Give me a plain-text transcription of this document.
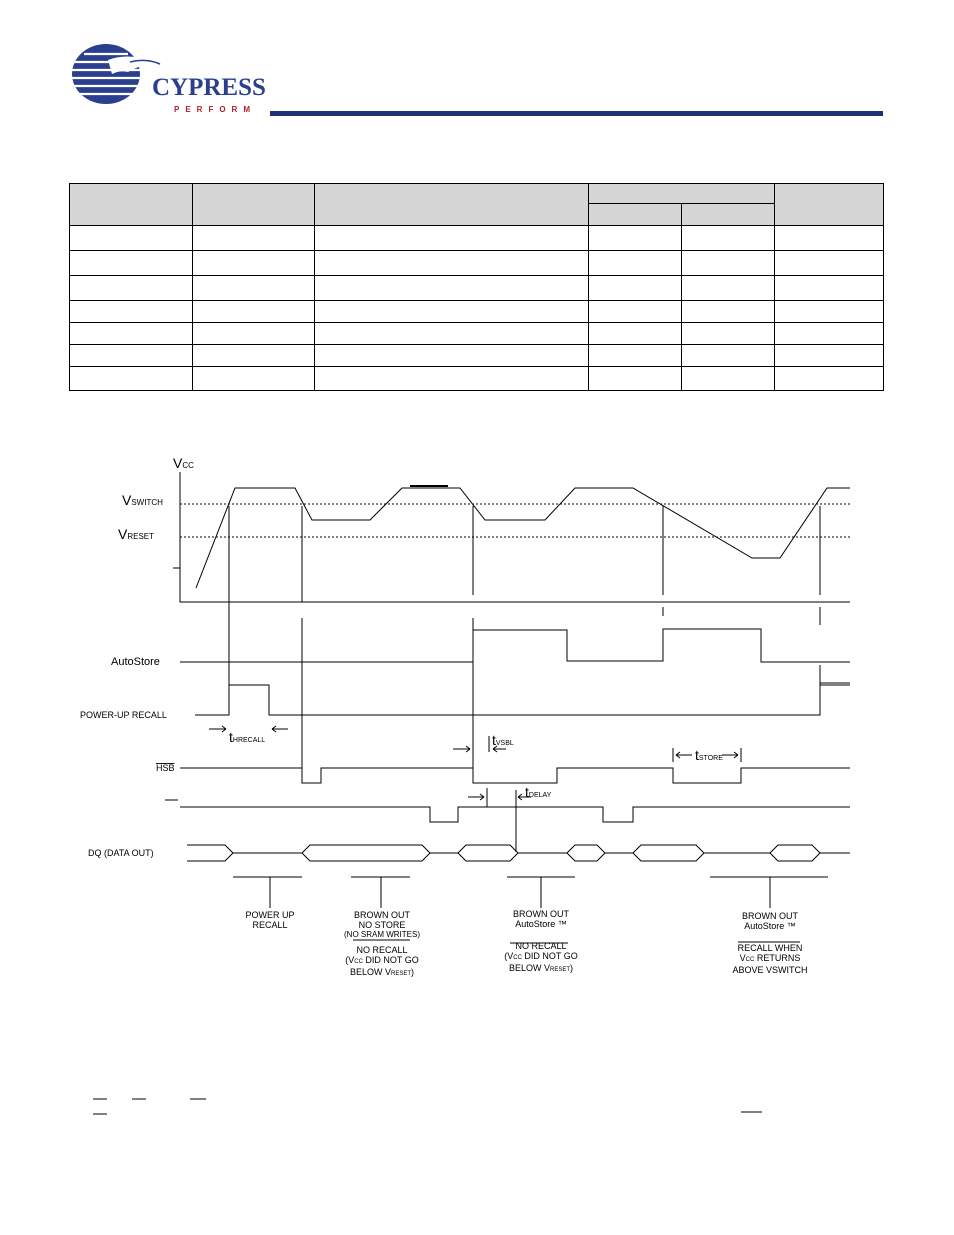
CYPRESS
PERFORM

VCC
VSWITCH
VRESET
AutoStore
POWER-UP RECALL
HSB
DQ (DATA OUT)
tHRECALL	tVSBL
tSTORE
tDELAY
POWER UP
RECALL
BROWN OUT
NO STORE
(NO SRAM WRITES)
NO RECALL
(VCC DID NOT GO
BELOW VRESET)
BROWN OUT
AutoStore ™
NO RECALL
(VCC DID NOT GO
BELOW VRESET)
BROWN OUT
AutoStore ™
RECALL WHEN
VCC RETURNS
ABOVE VSWITCH
